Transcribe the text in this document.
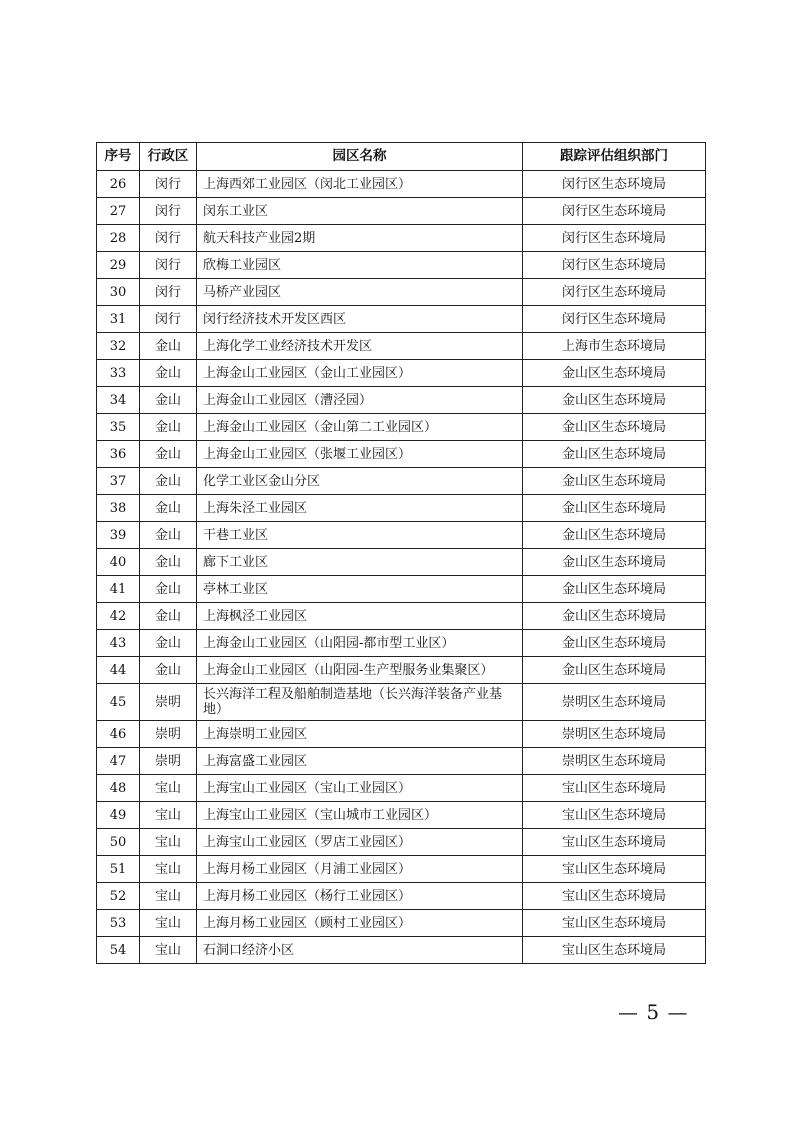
序号	行政区	园区名称	跟踪评估组织部门
26	闵行	上海西郊工业园区（闵北工业园区）	闵行区生态环境局
27	闵行	闵东工业区	闵行区生态环境局
28	闵行	航天科技产业园2期	闵行区生态环境局
29	闵行	欣梅工业园区	闵行区生态环境局
30	闵行	马桥产业园区	闵行区生态环境局
31	闵行	闵行经济技术开发区西区	闵行区生态环境局
32	金山	上海化学工业经济技术开发区	上海市生态环境局
33	金山	上海金山工业园区（金山工业园区）	金山区生态环境局
34	金山	上海金山工业园区（漕泾园）	金山区生态环境局
35	金山	上海金山工业园区（金山第二工业园区）	金山区生态环境局
36	金山	上海金山工业园区（张堰工业园区）	金山区生态环境局
37	金山	化学工业区金山分区	金山区生态环境局
38	金山	上海朱泾工业园区	金山区生态环境局
39	金山	干巷工业区	金山区生态环境局
40	金山	廊下工业区	金山区生态环境局
41	金山	亭林工业区	金山区生态环境局
42	金山	上海枫泾工业园区	金山区生态环境局
43	金山	上海金山工业园区（山阳园-都市型工业区）	金山区生态环境局
44	金山	上海金山工业园区（山阳园-生产型服务业集聚区）	金山区生态环境局
45	崇明	长兴海洋工程及船舶制造基地（长兴海洋装备产业基地）	崇明区生态环境局
46	崇明	上海崇明工业园区	崇明区生态环境局
47	崇明	上海富盛工业园区	崇明区生态环境局
48	宝山	上海宝山工业园区（宝山工业园区）	宝山区生态环境局
49	宝山	上海宝山工业园区（宝山城市工业园区）	宝山区生态环境局
50	宝山	上海宝山工业园区（罗店工业园区）	宝山区生态环境局
51	宝山	上海月杨工业园区（月浦工业园区）	宝山区生态环境局
52	宝山	上海月杨工业园区（杨行工业园区）	宝山区生态环境局
53	宝山	上海月杨工业园区（顾村工业园区）	宝山区生态环境局
54	宝山	石洞口经济小区	宝山区生态环境局
— 5 —
